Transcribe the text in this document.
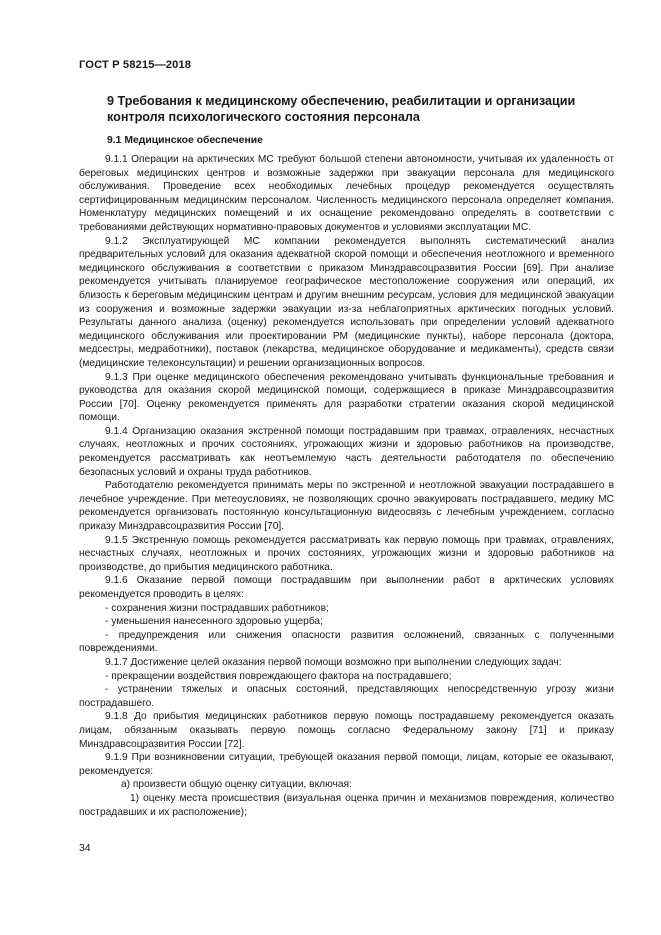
ГОСТ Р 58215—2018
9 Требования к медицинскому обеспечению, реабилитации и организации контроля психологического состояния персонала
9.1 Медицинское обеспечение

9.1.1 Операции на арктических МС требуют большой степени автономности, учитывая их удаленность от береговых медицинских центров и возможные задержки при эвакуации персонала для медицинского обслуживания. Проведение всех необходимых лечебных процедур рекомендуется осуществлять сертифицированным медицинским персоналом. Численность медицинского персонала определяет компания. Номенклатуру медицинских помещений и их оснащение рекомендовано определять в соответствии с требованиями действующих нормативно-правовых документов и условиями эксплуатации МС.

9.1.2 Эксплуатирующей МС компании рекомендуется выполнять систематический анализ предварительных условий для оказания адекватной скорой помощи и обеспечения неотложного и временного медицинского обслуживания в соответствии с приказом Минздравсоцразвития России [69]. При анализе рекомендуется учитывать планируемое географическое местоположение сооружения или операций, их близость к береговым медицинским центрам и другим внешним ресурсам, условия для медицинской эвакуации из сооружения и возможные задержки эвакуации из-за неблагоприятных арктических погодных условий. Результаты данного анализа (оценку) рекомендуется использовать при определении условий адекватного медицинского обслуживания или проектировании РМ (медицинские пункты), наборе персонала (доктора, медсестры, медработники), поставок (лекарства, медицинское оборудование и медикаменты), средств связи (медицинские телеконсультации) и решении организационных вопросов.

9.1.3 При оценке медицинского обеспечения рекомендовано учитывать функциональные требования и руководства для оказания скорой медицинской помощи, содержащиеся в приказе Минздравсоцразвития России [70]. Оценку рекомендуется применять для разработки стратегии оказания скорой медицинской помощи.

9.1.4 Организацию оказания экстренной помощи пострадавшим при травмах, отравлениях, несчастных случаях, неотложных и прочих состояниях, угрожающих жизни и здоровью работников на производстве, рекомендуется рассматривать как неотъемлемую часть деятельности работодателя по обеспечению безопасных условий и охраны труда работников.

Работодателю рекомендуется принимать меры по экстренной и неотложной эвакуации пострадавшего в лечебное учреждение. При метеоусловиях, не позволяющих срочно эвакуировать пострадавшего, медику МС рекомендуется организовать постоянную консультационную видеосвязь с лечебным учреждением, согласно приказу Минздравсоцразвития России [70].

9.1.5 Экстренную помощь рекомендуется рассматривать как первую помощь при травмах, отравлениях, несчастных случаях, неотложных и прочих состояниях, угрожающих жизни и здоровью работников на производстве, до прибытия медицинского работника.

9.1.6 Оказание первой помощи пострадавшим при выполнении работ в арктических условиях рекомендуется проводить в целях:

- сохранения жизни пострадавших работников;

- уменьшения нанесенного здоровью ущерба;

- предупреждения или снижения опасности развития осложнений, связанных с полученными повреждениями.

9.1.7 Достижение целей оказания первой помощи возможно при выполнении следующих задач:

- прекращении воздействия повреждающего фактора на пострадавшего;

- устранении тяжелых и опасных состояний, представляющих непосредственную угрозу жизни пострадавшего.

9.1.8 До прибытия медицинских работников первую помощь пострадавшему рекомендуется оказать лицам, обязанным оказывать первую помощь согласно Федеральному закону [71] и приказу Минздравсоцразвития России [72].

9.1.9 При возникновении ситуации, требующей оказания первой помощи, лицам, которые ее оказывают, рекомендуется:

а) произвести общую оценку ситуации, включая:

1) оценку места происшествия (визуальная оценка причин и механизмов повреждения, количество пострадавших и их расположение);

34
